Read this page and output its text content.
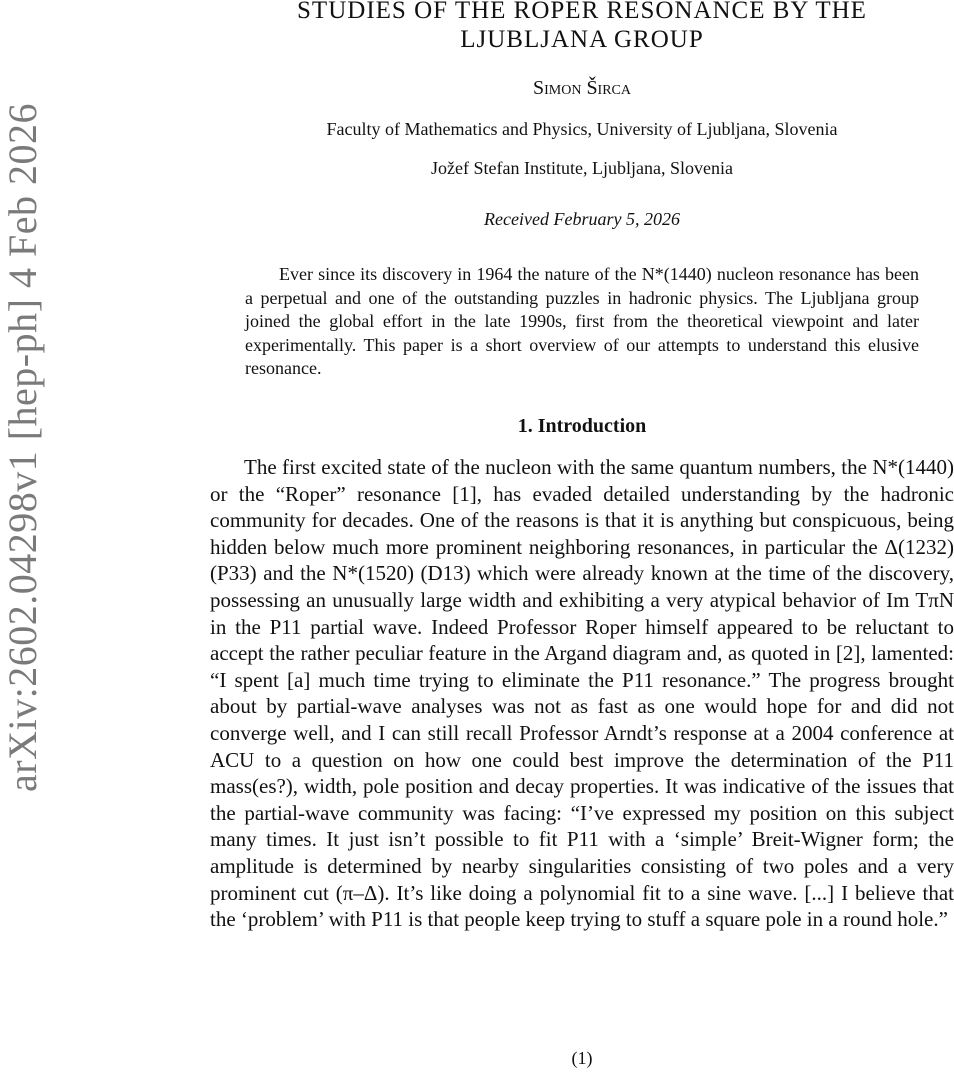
arXiv:2602.04298v1 [hep-ph] 4 Feb 2026
STUDIES OF THE ROPER RESONANCE BY THE
LJUBLJANA GROUP
Simon Širca
Faculty of Mathematics and Physics, University of Ljubljana, Slovenia
Jožef Stefan Institute, Ljubljana, Slovenia
Received February 5, 2026

Ever since its discovery in 1964 the nature of the N*(1440) nucleon resonance has been a perpetual and one of the outstanding puzzles in hadronic physics. The Ljubljana group joined the global effort in the late 1990s, first from the theoretical viewpoint and later experimentally. This paper is a short overview of our attempts to understand this elusive resonance.

1. Introduction

The first excited state of the nucleon with the same quantum numbers, the N*(1440) or the “Roper” resonance [1], has evaded detailed understanding by the hadronic community for decades. One of the reasons is that it is anything but conspicuous, being hidden below much more prominent neighboring resonances, in particular the Δ(1232) (P33) and the N*(1520) (D13) which were already known at the time of the discovery, possessing an unusually large width and exhibiting a very atypical behavior of Im TπN in the P11 partial wave. Indeed Professor Roper himself appeared to be reluctant to accept the rather peculiar feature in the Argand diagram and, as quoted in [2], lamented: “I spent [a] much time trying to eliminate the P11 resonance.” The progress brought about by partial-wave analyses was not as fast as one would hope for and did not converge well, and I can still recall Professor Arndt’s response at a 2004 conference at ACU to a question on how one could best improve the determination of the P11 mass(es?), width, pole position and decay properties. It was indicative of the issues that the partial-wave community was facing: “I’ve expressed my position on this subject many times. It just isn’t possible to fit P11 with a ‘simple’ Breit-Wigner form; the amplitude is determined by nearby singularities consisting of two poles and a very prominent cut (π–Δ). It’s like doing a polynomial fit to a sine wave. [...] I believe that the ‘problem’ with P11 is that people keep trying to stuff a square pole in a round hole.”

(1)
